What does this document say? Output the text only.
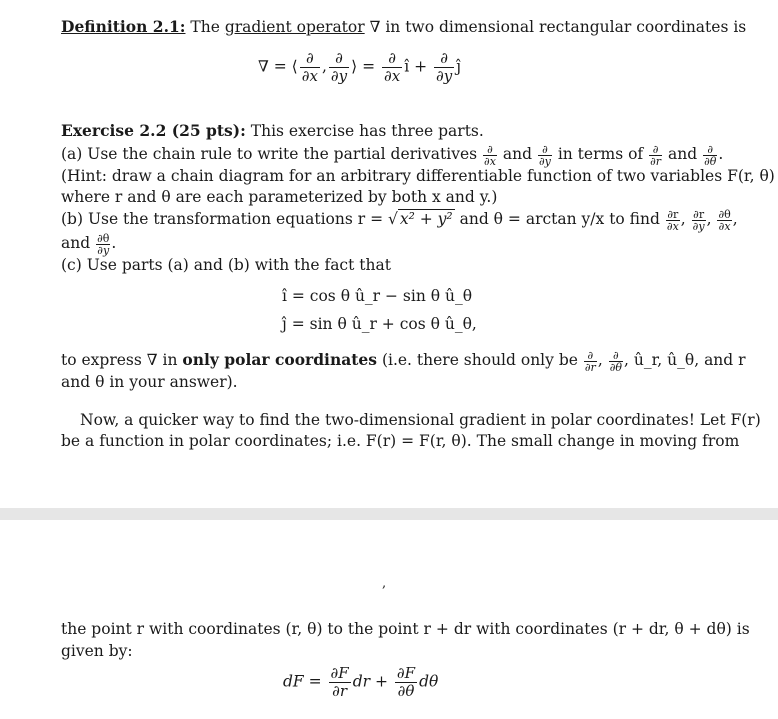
Definition 2.1: The gradient operator ∇ in two dimensional rectangular coordinates is
∇ = ⟨ $\frac{\partial}{\partial x}$ , $\frac{\partial}{\partial y}$ ⟩ = $\frac{\partial}{\partial x}$ î + $\frac{\partial}{\partial y}$ ĵ
Exercise 2.2 (25 pts): This exercise has three parts.
(a) Use the chain rule to write the partial derivatives $\frac{\partial}{\partial x}$ and $\frac{\partial}{\partial y}$ in terms of $\frac{\partial}{\partial r}$ and $\frac{\partial}{\partial\theta}$ .
(Hint: draw a chain diagram for an arbitrary differentiable function of two variables F(r, θ)
where r and θ are each parameterized by both x and y.)
(b) Use the transformation equations r = √ x² + y² and θ = arctan y/x to find $\frac{\partial r}{\partial x}$ , $\frac{\partial r}{\partial y}$ , $\frac{\partial\theta}{\partial x}$ ,
and $\frac{\partial\theta}{\partial y}$ .
(c) Use parts (a) and (b) with the fact that
î = cos θ û_r − sin θ û_θ
ĵ = sin θ û_r + cos θ û_θ,
to express ∇ in only polar coordinates (i.e. there should only be $\frac{\partial}{\partial r}$ , $\frac{\partial}{\partial\theta}$ , û_r, û_θ, and r
and θ in your answer).
Now, a quicker way to find the two-dimensional gradient in polar coordinates! Let F(r)
be a function in polar coordinates; i.e. F(r) = F(r, θ). The small change in moving from
,
the point r with coordinates (r, θ) to the point r + dr with coordinates (r + dr, θ + dθ) is
given by:
dF = $\frac{\partial F}{\partial r}$ dr + $\frac{\partial F}{\partial\theta}$ dθ
